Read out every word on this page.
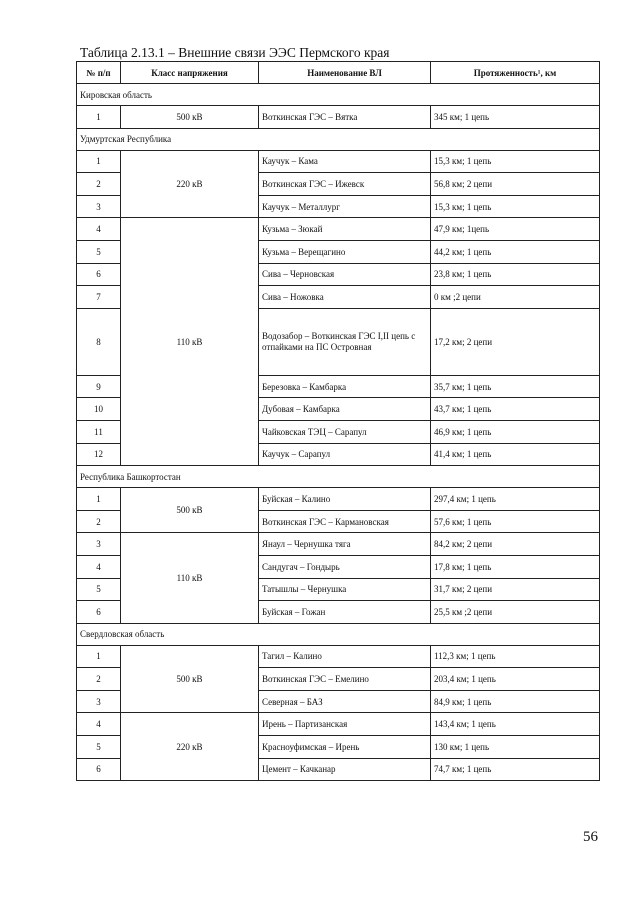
Таблица 2.13.1 – Внешние связи ЭЭС Пермского края
№ п/п	Класс напряжения	Наименование ВЛ	Протяженность¹, км
Кировская область			
1	500 кВ	Воткинская ГЭС – Вятка	345 км; 1 цепь
Удмуртская Республика			
1	220 кВ	Каучук – Кама	15,3 км; 1 цепь
2		Воткинская ГЭС – Ижевск	56,8 км; 2 цепи
3		Каучук – Металлург	15,3 км; 1 цепь
4	110 кВ	Кузьма – Зюкай	47,9 км; 1цепь
5		Кузьма – Верещагино	44,2 км; 1 цепь
6		Сива – Черновская	23,8 км; 1 цепь
7		Сива – Ножовка	0 км ;2 цепи
8		Водозабор – Воткинская ГЭС I,II цепь с отпайками на ПС Островная	17,2 км; 2 цепи
9		Березовка – Камбарка	35,7 км; 1 цепь
10		Дубовая – Камбарка	43,7 км; 1 цепь
11		Чайковская ТЭЦ – Сарапул	46,9 км; 1 цепь
12		Каучук – Сарапул	41,4 км; 1 цепь
Республика Башкортостан			
1	500 кВ	Буйская – Калино	297,4 км; 1 цепь
2		Воткинская ГЭС – Кармановская	57,6 км; 1 цепь
3	110 кВ	Янаул – Чернушка тяга	84,2 км; 2 цепи
4		Сандугач – Гондырь	17,8 км; 1 цепь
5		Татышлы – Чернушка	31,7 км; 2 цепи
6		Буйская – Гожан	25,5 км ;2 цепи
Свердловская область			
1	500 кВ	Тагил – Калино	112,3 км; 1 цепь
2		Воткинская ГЭС – Емелино	203,4 км; 1 цепь
3		Северная – БАЗ	84,9 км; 1 цепь
4	220 кВ	Ирень – Партизанская	143,4 км; 1 цепь
5		Красноуфимская – Ирень	130 км; 1 цепь
6		Цемент – Качканар	74,7 км; 1 цепь
56
